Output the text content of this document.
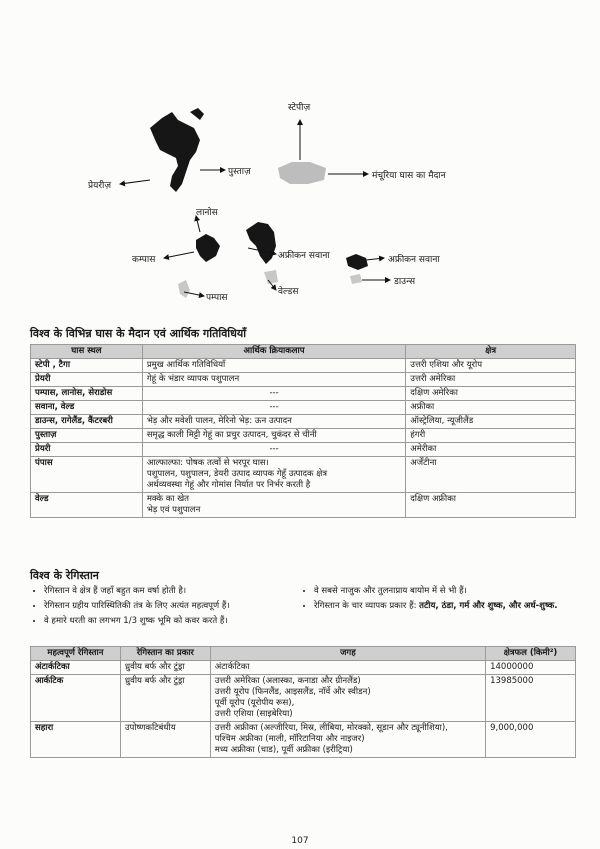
स्टेपीज़
पुस्ताज़
प्रेयरीज़
मंचूरिया घास का मैदान
लानोस
कम्पास	अफ्रीकन सवाना	अफ्रीकन सवाना
पम्पास
वेल्डस
डाउन्स
विश्व के विभिन्न घास के मैदान एवं आर्थिक गतिविधियाँ
घास स्थल	आर्थिक क्रियाकलाप	क्षेत्र
स्टेपी , टैगा	प्रमुख आर्थिक गतिविधियाँ	उत्तरी एशिया और यूरोप
प्रेयरी	गेहूं के भंडार व्यापक पशुपालन	उत्तरी अमेरिका
पम्पास, लानोस, सेराडोस	---	दक्षिण अमेरिका
सवाना, वेल्ड	---	अफ्रीका
डाउन्स, रागेलैंड, कैंटरबरी	भेड़ और मवेशी पालन, मेरिनो भेड़: ऊन उत्पादन	ऑस्ट्रेलिया, न्यूजीलैंड
पुस्ताज़	समृद्ध काली मिट्टी गेहूं का प्रचुर उत्पादन, चुकंदर से चीनी	हंगरी
प्रेयरी	---	अमेरीका
पंपास	आल्फाल्फा: पोषक तत्वों से भरपूर घास।
पशुपालन, पशुपालन, डेयरी उत्पाद व्यापक गेहूँ उत्पादक क्षेत्र
अर्थव्यवस्था गेहूं और गोमांस निर्यात पर निर्भर करती है	अर्जेंटीना
वेल्ड	मक्के का खेत
भेड़ एवं पशुपालन	दक्षिण अफ्रीका
विश्व के रेगिस्तान
• रेगिस्तान वे क्षेत्र हैं जहाँ बहुत कम वर्षा होती है।
• रेगिस्तान ग्रहीय पारिस्थितिकी तंत्र के लिए अत्यंत महत्वपूर्ण हैं।
• वे हमारे धरती का लगभग 1/3 शुष्क भूमि को कवर करते हैं।
• वे सबसे नाजुक और तुलनाप्राय बायोम में से भी हैं।
• रेगिस्तान के चार व्यापक प्रकार हैं: तटीय, ठंडा, गर्म और शुष्क, और अर्ध-शुष्क.
महत्वपूर्ण रेगिस्तान	रेगिस्तान का प्रकार	जगह	क्षेत्रफल (किमी²)
अंटार्कटिका	ध्रुवीय बर्फ और टुंड्रा	अंटार्कटिका	14000000
आर्कटिक	ध्रुवीय बर्फ और टुंड्रा	उत्तरी अमेरिका (अलास्का, कनाडा और ग्रीनलैंड)
उत्तरी यूरोप (फिनलैंड, आइसलैंड, नॉर्वे और स्वीडन)
पूर्वी यूरोप (यूरोपीय रूस),
उत्तरी एशिया (साइबेरिया)	13985000
सहारा	उपोष्णकटिबंधीय	उत्तरी अफ्रीका (अल्जीरिया, मिस्र, लीबिया, मोरक्को, सूडान और ट्यूनीशिया),
पश्चिम अफ्रीका (माली, मॉरिटानिया और नाइजर)
मध्य अफ्रीका (चाड), पूर्वी अफ्रीका (इरीट्रिया)	9,000,000
107
